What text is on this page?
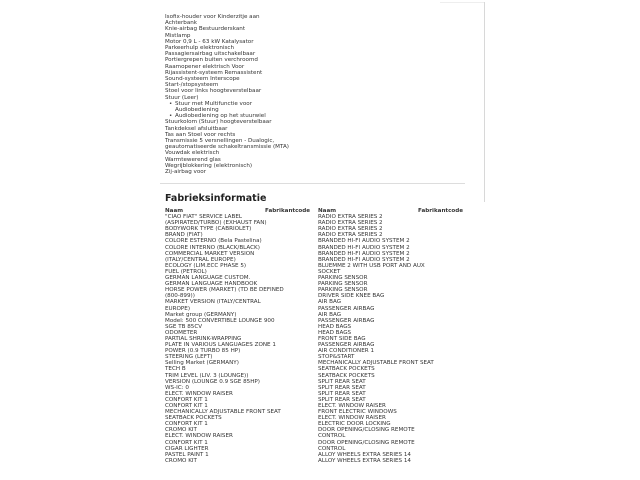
Isofix-houder voor Kinderzitje aan
Achterbank
Knie-airbag Bestuurderskant
Mistlamp
Motor 0,9 L - 63 kW Katalysator
Parkeerhulp elektronisch
Passagiersairbag uitschakelbaar
Portiergrepen buiten verchroomd
Raamopener elektrisch Voor
Rijassistent-systeem Remassistent
Sound-systeem Interscope
Start-/stopsysteem
Stoel voor links hoogteverstelbaar
Stuur (Leer)
• Stuur met Multifunctie voor
Audiobediening
• Audiobediening op het stuurwiel
Stuurkolom (Stuur) hoogteverstelbaar
Tankdeksel afsluitbaar
Tas aan Stoel voor rechts
Transmissie 5 versnellingen - Dualogic,
geautomatiseerde schakeltransmissie (MTA)
Vouwdak elektrisch
Warmtewerend glas
Wegrijblokkering (elektronisch)
Zij-airbag voor
Fabrieksinformatie
Naam	Fabrikantcode
"CIAO FIAT" SERVICE LABEL
(ASPIRATED/TURBO) (EXHAUST FAN)
BODYWORK TYPE (CABRIOLET)
BRAND (FIAT)
COLORE ESTERNO (Bela Pastelina)
COLORE INTERNO (BLACK/BLACK)
COMMERCIAL MARKET VERSION
(ITALY/CENTRAL EUROPE)
ECOLOGY (LIM.ECC PHASE 5)
FUEL (PETROL)
GERMAN LANGUAGE CUSTOM.
GERMAN LANGUAGE HANDBOOK
HORSE POWER (MARKET) (TD BE DEFINED
(800-899))
MARKET VERSION (ITALY/CENTRAL
EUROPE)
Market group (GERMANY)
Model: 500 CONVERTIBLE LOUNGE 900
SGE TB 85CV
ODOMETER
PARTIAL SHRINK-WRAPPING
PLATE IN VARIOUS LANGUAGES ZONE 1
POWER (0.9 TURBO 85 HP)
STEERING (LEFT)
Selling Market (GERMANY)
TECH B
TRIM LEVEL (LIV. 3 (LOUNGE))
VERSION (LOUNGE 0.9 SGE 85HP)
WS-IC: 0
ELECT. WINDOW RAISER
CONFORT KIT 1
CONFORT KIT 1
MECHANICALLY ADJUSTABLE FRONT SEAT
SEATBACK POCKETS
CONFORT KIT 1
CROMO KIT
ELECT. WINDOW RAISER
CONFORT KIT 1
CIGAR LIGHTER
PASTEL PAINT 1
CROMO KIT
Naam	Fabrikantcode
RADIO EXTRA SERIES 2
RADIO EXTRA SERIES 2
RADIO EXTRA SERIES 2
RADIO EXTRA SERIES 2
BRANDED HI-FI AUDIO SYSTEM 2
BRANDED HI-FI AUDIO SYSTEM 2
BRANDED HI-FI AUDIO SYSTEM 2
BRANDED HI-FI AUDIO SYSTEM 2
BLUEMME 2 WITH USB PORT AND AUX
SOCKET
PARKING SENSOR
PARKING SENSOR
PARKING SENSOR
DRIVER SIDE KNEE BAG
AIR BAG
PASSENGER AIRBAG
AIR BAG
PASSENGER AIRBAG
HEAD BAGS
HEAD BAGS
FRONT SIDE BAG
PASSENGER AIRBAG
AIR CONDITIONER 1
STOP&START
MECHANICALLY ADJUSTABLE FRONT SEAT
SEATBACK POCKETS
SEATBACK POCKETS
SPLIT REAR SEAT
SPLIT REAR SEAT
SPLIT REAR SEAT
SPLIT REAR SEAT
ELECT. WINDOW RAISER
FRONT ELECTRIC WINDOWS
ELECT. WINDOW RAISER
ELECTRIC DOOR LOCKING
DOOR OPENING/CLOSING REMOTE
CONTROL
DOOR OPENING/CLOSING REMOTE
CONTROL
ALLOY WHEELS EXTRA SERIES 14
ALLOY WHEELS EXTRA SERIES 14
